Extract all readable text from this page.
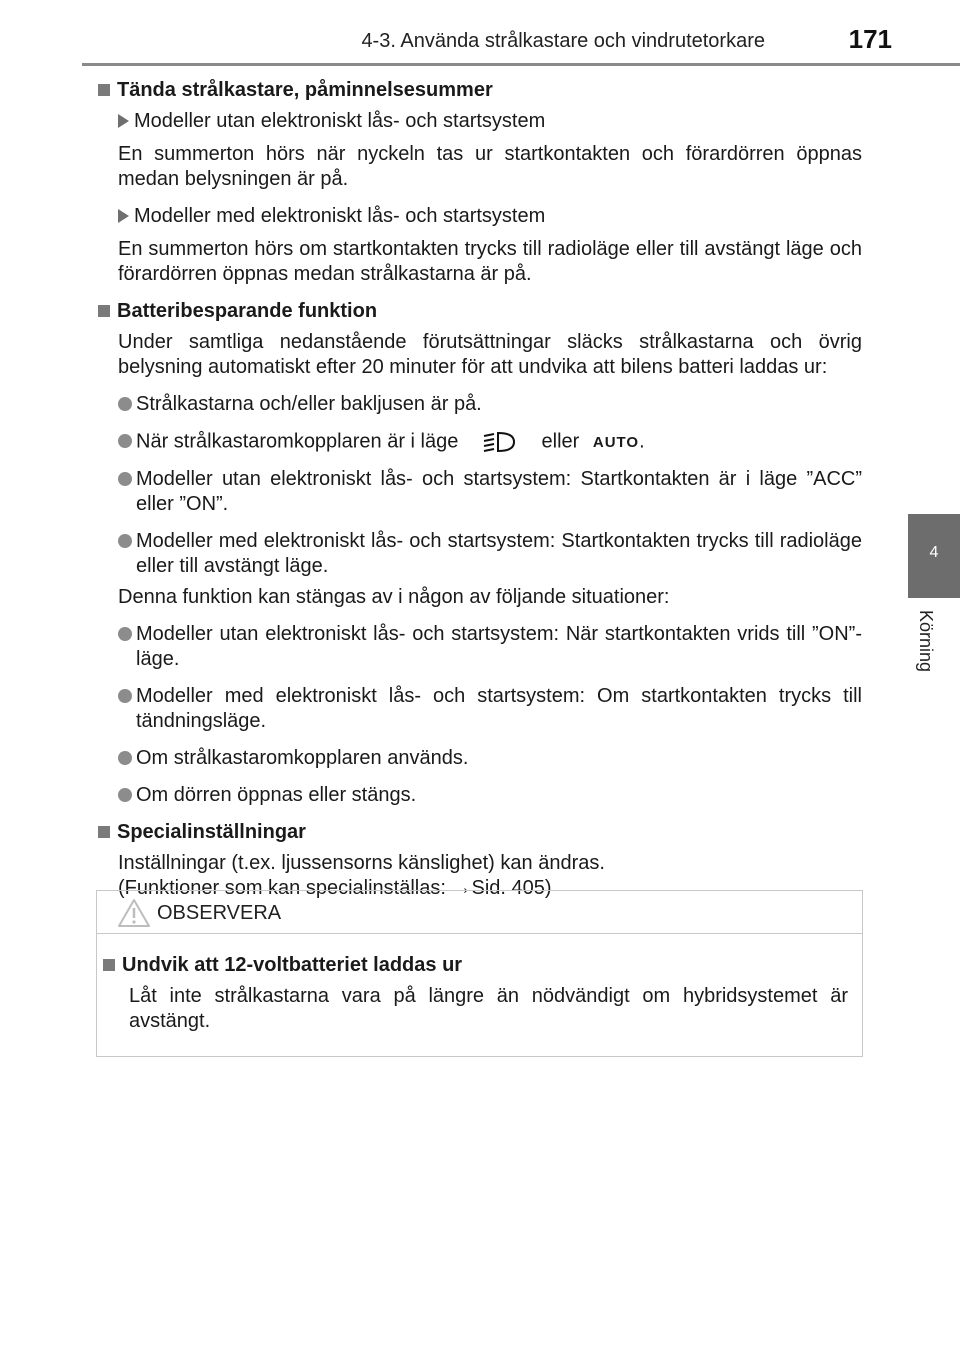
4-3. Använda strålkastare och vindrutetorkare	171
4
Körning
Tända strålkastare, påminnelsesummer
Modeller utan elektroniskt lås- och startsystem
En summerton hörs när nyckeln tas ur startkontakten och förardörren öppnas medan belysningen är på.
Modeller med elektroniskt lås- och startsystem
En summerton hörs om startkontakten trycks till radioläge eller till avstängt läge och förardörren öppnas medan strålkastarna är på.
Batteribesparande funktion
Under samtliga nedanstående förutsättningar släcks strålkastarna och övrig belysning automatiskt efter 20 minuter för att undvika att bilens batteri laddas ur:
Strålkastarna och/eller bakljusen är på.
När strålkastaromkopplaren är i läge	eller AUTO.
Modeller utan elektroniskt lås- och startsystem: Startkontakten är i läge ”ACC” eller ”ON”.
Modeller med elektroniskt lås- och startsystem: Startkontakten trycks till radioläge eller till avstängt läge.
Denna funktion kan stängas av i någon av följande situationer:
Modeller utan elektroniskt lås- och startsystem: När startkontakten vrids till ”ON”-läge.
Modeller med elektroniskt lås- och startsystem: Om startkontakten trycks till tändningsläge.
Om strålkastaromkopplaren används.
Om dörren öppnas eller stängs.
Specialinställningar
Inställningar (t.ex. ljussensorns känslighet) kan ändras.
(Funktioner som kan specialinställas: →Sid. 405)
OBSERVERA
Undvik att 12-voltbatteriet laddas ur
Låt inte strålkastarna vara på längre än nödvändigt om hybridsystemet är avstängt.
